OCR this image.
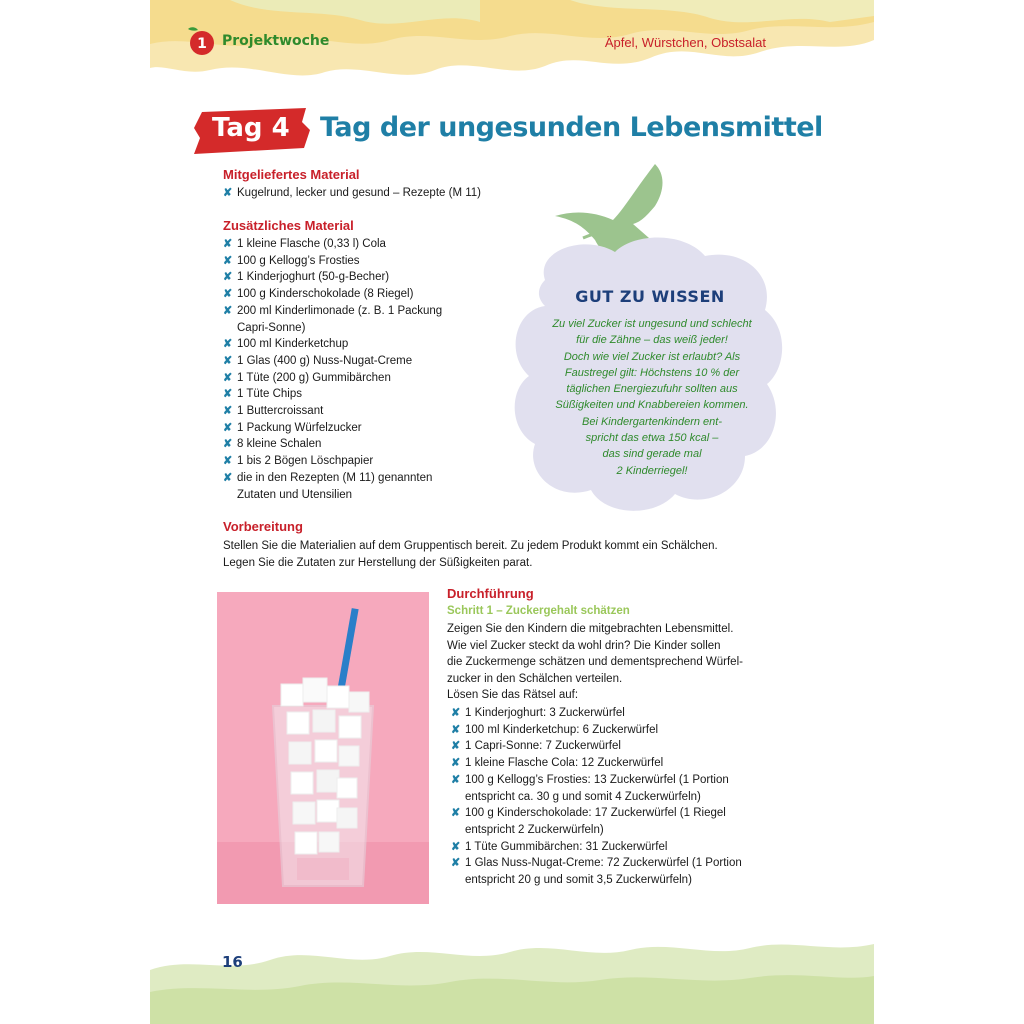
1 Projektwoche	Äpfel, Würstchen, Obstsalat
Tag 4 Tag der ungesunden Lebensmittel
Mitgeliefertes Material
✘ Kugelrund, lecker und gesund – Rezepte (M 11)
Zusätzliches Material
✘ 1 kleine Flasche (0,33 l) Cola
✘ 100 g Kellogg’s Frosties
✘ 1 Kinderjoghurt (50-g-Becher)
✘ 100 g Kinderschokolade (8 Riegel)
✘ 200 ml Kinderlimonade (z. B. 1 Packung Capri-Sonne)
✘ 100 ml Kinderketchup
✘ 1 Glas (400 g) Nuss-Nugat-Creme
✘ 1 Tüte (200 g) Gummibärchen
✘ 1 Tüte Chips
✘ 1 Buttercroissant
✘ 1 Packung Würfelzucker
✘ 8 kleine Schalen
✘ 1 bis 2 Bögen Löschpapier
✘ die in den Rezepten (M 11) genannten Zutaten und Utensilien
GUT ZU WISSEN
Zu viel Zucker ist ungesund und schlecht
für die Zähne – das weiß jeder!
Doch wie viel Zucker ist erlaubt? Als
Faustregel gilt: Höchstens 10 % der
täglichen Energiezufuhr sollten aus
Süßigkeiten und Knabbereien kommen.
Bei Kindergartenkindern ent-
spricht das etwa 150 kcal –
das sind gerade mal
2 Kinderriegel!
Vorbereitung
Stellen Sie die Materialien auf dem Gruppentisch bereit. Zu jedem Produkt kommt ein Schälchen.
Legen Sie die Zutaten zur Herstellung der Süßigkeiten parat.
Durchführung
Schritt 1 – Zuckergehalt schätzen
Zeigen Sie den Kindern die mitgebrachten Lebensmittel.
Wie viel Zucker steckt da wohl drin? Die Kinder sollen
die Zuckermenge schätzen und dementsprechend Würfel-
zucker in den Schälchen verteilen.
Lösen Sie das Rätsel auf:
✘ 1 Kinderjoghurt: 3 Zuckerwürfel
✘ 100 ml Kinderketchup: 6 Zuckerwürfel
✘ 1 Capri-Sonne: 7 Zuckerwürfel
✘ 1 kleine Flasche Cola: 12 Zuckerwürfel
✘ 100 g Kellogg’s Frosties: 13 Zuckerwürfel (1 Portion entspricht ca. 30 g und somit 4 Zuckerwürfeln)
✘ 100 g Kinderschokolade: 17 Zuckerwürfel (1 Riegel entspricht 2 Zuckerwürfeln)
✘ 1 Tüte Gummibärchen: 31 Zuckerwürfel
✘ 1 Glas Nuss-Nugat-Creme: 72 Zuckerwürfel (1 Portion entspricht 20 g und somit 3,5 Zuckerwürfeln)
16
